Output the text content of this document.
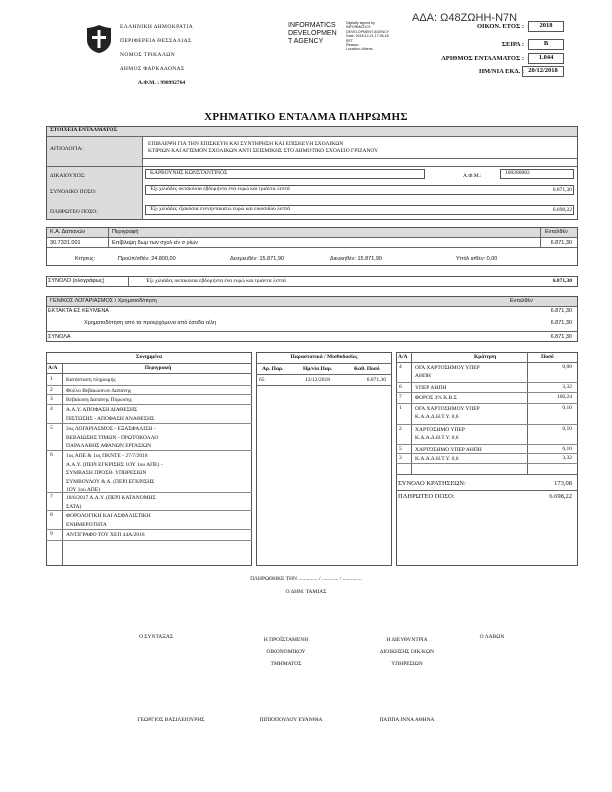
ΑΔΑ: Ω48ΖΩΗΗ-Ν7Ν
ΕΛΛΗΝΙΚΗ ΔΗΜΟΚΡΑΤΙΑ
ΠΕΡΙΦΕΡΕΙΑ ΘΕΣΣΑΛΙΑΣ
ΝΟΜΟΣ ΤΡΙΚΑΛΩΝ
ΔΗΜΟΣ ΦΑΡΚΑΔΟΝΑΣ
Α.Φ.Μ. : 998992764
INFORMATICS
DEVELOPMEN
T AGENCY
Digitally signed by
INFORMATICS
DEVELOPMENT AGENCY
Date: 2018.12.21 17:35:18
EET
Reason:
Location: Athens
ΟΙΚΟΝ. ΕΤΟΣ :	2018
ΣΕΙΡΑ :	Β
ΑΡΙΘΜΟΣ ΕΝΤΑΛΜΑΤΟΣ :	1.044
ΗΜ/ΝΙΑ ΕΚΔ. : 20/12/2018
ΧΡΗΜΑΤΙΚΟ ΕΝΤΑΛΜΑ ΠΛΗΡΩΜΗΣ
ΣΤΟΙΧΕΙΑ ΕΝΤΑΛΜΑΤΟΣ
ΑΙΤΙΟΛΟΓΙΑ:
ΕΠΙΒΛΕΨΗ ΓΙΑ ΤΗΝ ΕΠΙΣΚΕΥΗ ΚΑΙ ΣΥΝΤΗΡΗΣΗ ΚΑΙ ΕΠΙΣΚΕΥΗ ΣΧΟΛΙΚΩΝ
ΚΤΙΡΙΩΝ ΚΑΙ ΑΓΙΣΜΟΝ ΣΧΟΛΙΚΩΝ ΑΝΤΙ ΣΕΙΣΜΙΚΗΣ ΣΤΟ ΔΗΜΟΤΙΚΟ ΣΧΟΛΕΙΟ ΓΡΙΖΑΝΟΥ
ΔΙΚΑΙΟΥΧΟΣ:	ΚΑΡΒΟΥΝΗΣ ΚΩΝΣΤΑΝΤΙΝΟΣ	Α.Φ.Μ.:	100280082
ΣΥΝΟΛΙΚΟ ΠΟΣΟ:	Έξι χιλιάδες οκτακόσια εβδομήντα ένα ευρώ και τριάντα λεπτά	6.871,30
ΠΛΗΡΩΤΕΟ ΠΟΣΟ:	Έξι χιλιάδες εξακόσια ενενηντακατώ ευρώ και εικοσιδύο λεπτά	6.698,22
Κ.Α. Δαπανών	Περιγραφή	Ενταλθέν
30.7331.001	Επίβλεψη δωμ των σχολ είν σ ρίων	6.871,30
Κτήσεις:	Προϋπ/σθέν: 24.800,00	Δεσμευθέν: 15.871,90	Διευκηθέν: 15.871,90	Υπόλ ισθέν: 0,00
ΣΥΝΟΛΟ (ολογράφως)	Έξι χιλιάδες οκτακόσια εβδομήντα ένα ευρώ και τριάντα λεπτά	6.871,30
ΓΕΝΙΚΟΣ ΛΟΓΑΡΙΑΣΜΟΣ / Χρηματοδότηση	Ενταλθέν
ΕΚΤΑΚΤΑ ΕΣ ΚΕΥΜΕΝΑ	6.871,30
Χρηματοδότηση από τα προερχόμενα από έσοδα τέλη	6.871,30
ΣΥΝΟΛΑ	6.871,30
Συνημμένα
Α/Α	Περιγραφή
1 Κατάσταση πληρωμής
2 Φύλλο Βεβαιώσεων Δαπάνης
3 Βεβαίωση Δαπάνης Πόρωσης
4 Α.Α.Υ. ΑΠΟΦΑΣΗ ΔΙΑΘΕΣΗΣ
ΠΙΣΤΩΣΗΣ - ΑΠΟΦΑΣΗ ΑΝΑΘΕΣΗΣ
5 2ος ΛΟΓΑΡΙΑΣΜΟΣ - ΕΞΑΣΦΑΛΙΣΗ -
ΒΕΒΑΙΩΣΗΣ ΤΙΜΩΝ - ΠΡΩΤΟΚΟΛΛΟ
ΠΑΡΑΛΑΒΗΣ ΑΦΑΝΩΝ ΕΡΓΑΣΙΩΝ
6 1ος ΑΠΕ & 1ος ΠΚΝΤΕ - 27/7/2018
Α.Α.Υ. (ΠΕΡΙ ΕΓΚΡΙΣΗΣ 1ΟΥ 1ου ΑΠΕ) -
ΣΥΜΒΑΣΗ ΠΡΟΣΘ. ΥΠΗΡΕΣΙΩΝ
ΣΥΜΒΟΥΛΟΥ & Α. (ΠΕΡΙ ΕΓΚΡΙΣΗΣ
1ΟΥ 1ου ΑΠΕ)
7 18/6/2017 Α.Α.Υ. (ΠΕΡΙ ΚΑΤΑΝΟΜΗΣ
ΣΑΤΑ)
8 ΦΟΡΟΛΟΓΙΚΗ ΚΑΙ ΑΣΦΑΛΙΣΤΙΚΗ
ΕΝΗΜΕΡΟΤΗΤΑ
9 ΑΝΤΙΓΡΑΦΟ ΤΟΥ ΧΕΠ 44Α/2018
Παραστατικά / Μισθοδοσίες
Αρ. Παρ.	Ημ/νία Παρ.	Καθ. Ποσό
65	13/12/2018	6.871,30
Α/Α	Κράτηση	Ποσό
4 ΟΓΑ ΧΑΡΤΟΣΗΜΟΥ ΥΠΕΡ
ΑΗΠΗ
0,00
6 ΥΠΕΡ ΑΗΠΗ	3,32
7 ΦΟΡΟΣ 3% Κ.Β.Σ	166,24
1 ΟΓΑ ΧΑΡΤΟΣΗΜΟΥ ΥΠΕΡ
Κ.Α.Α.Δ.Η.Τ.Υ. 0,6
0,10
2 ΧΑΡΤΟΣΗΜΟ ΥΠΕΡ
Κ.Α.Α.Δ.Η.Τ.Υ. 0,6
0,10
5 ΧΑΡΤΟΣΗΜΟ ΥΠΕΡ ΑΗΠΗ	0,10
3 Κ.Α.Α.Δ.Η.Τ.Υ. 0,6	3,32
ΣΥΝΟΛΟ ΚΡΑΤΗΣΕΩΝ:	173,08
ΠΛΗΡΩΤΕΟ ΠΟΣΟ:	6.698,22
ΠΛΗΡΩΘΗΚΕ ΤΗΝ .............. / ............ / ..............
Ο ΔΗΜ. ΤΑΜΙΑΣ
Ο ΣΥΝΤΑΞΑΣ	Η ΠΡΟΪΣΤΑΜΕΝΗ
ΟΙΚΟΝΟΜΙΚΟΥ
ΤΜΗΜΑΤΟΣ
Η ΔΙΕΥΘΥΝΤΡΙΑ
ΔΙΟΙΚΗΣΗΣ ΟΙΚ/ΚΩΝ
ΥΠΗΡΕΣΙΩΝ
Ο ΛΑΒΩΝ
ΓΕΩΡΓΙΟΣ ΒΑΣΙΛΕΙΟΥΡΗΣ	ΠΙΠΙΟΠΟΥΛΟΥ ΕΥΑΝΘΙΑ	ΠΑΠΠΑ ΙΝΝΑ ΑΘΗΝΑ
